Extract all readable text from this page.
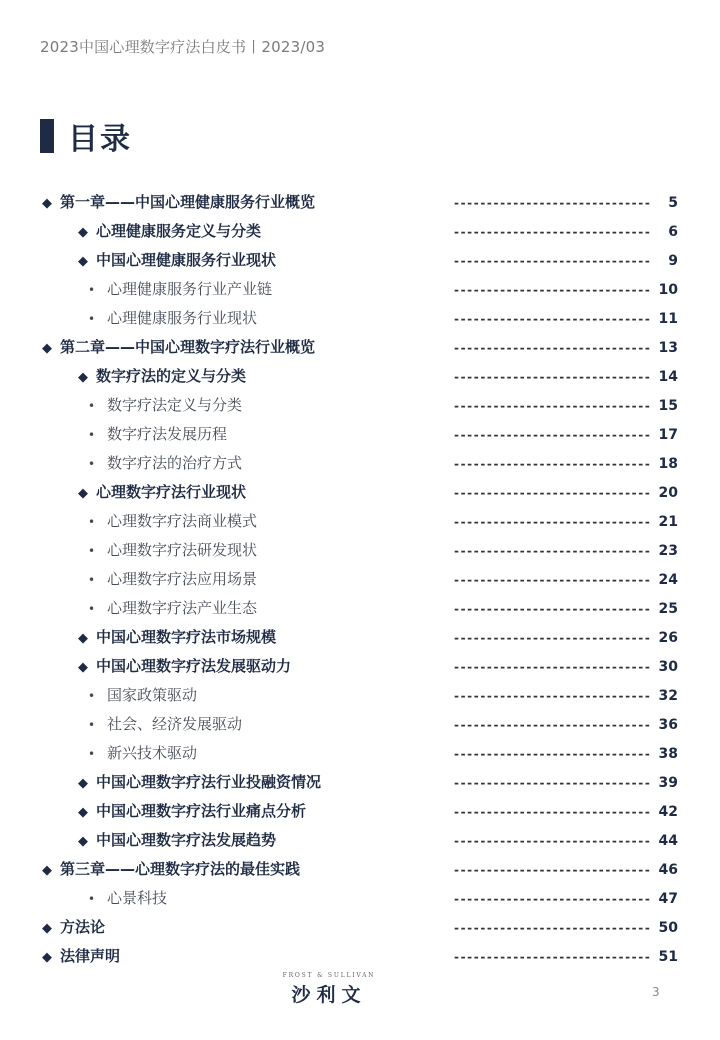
2023中国心理数字疗法白皮书丨2023/03
目录
◆ 第一章——中国心理健康服务行业概览	------------------------------ 5
◆ 心理健康服务定义与分类	------------------------------ 6
◆ 中国心理健康服务行业现状	------------------------------ 9
• 心理健康服务行业产业链	------------------------------ 10
• 心理健康服务行业现状	------------------------------ 11
◆ 第二章——中国心理数字疗法行业概览	------------------------------ 13
◆ 数字疗法的定义与分类	------------------------------ 14
• 数字疗法定义与分类	------------------------------ 15
• 数字疗法发展历程	------------------------------ 17
• 数字疗法的治疗方式	------------------------------ 18
◆ 心理数字疗法行业现状	------------------------------ 20
• 心理数字疗法商业模式	------------------------------ 21
• 心理数字疗法研发现状	------------------------------ 23
• 心理数字疗法应用场景	------------------------------ 24
• 心理数字疗法产业生态	------------------------------ 25
◆ 中国心理数字疗法市场规模	------------------------------ 26
◆ 中国心理数字疗法发展驱动力	------------------------------ 30
• 国家政策驱动	------------------------------ 32
• 社会、经济发展驱动	------------------------------ 36
• 新兴技术驱动	------------------------------ 38
◆ 中国心理数字疗法行业投融资情况	------------------------------ 39
◆ 中国心理数字疗法行业痛点分析	------------------------------ 42
◆ 中国心理数字疗法发展趋势	------------------------------ 44
◆ 第三章——心理数字疗法的最佳实践	------------------------------ 46
• 心景科技	------------------------------ 47
◆ 方法论	------------------------------ 50
◆ 法律声明	------------------------------ 51
FROST & SULLIVAN
沙利文	3
